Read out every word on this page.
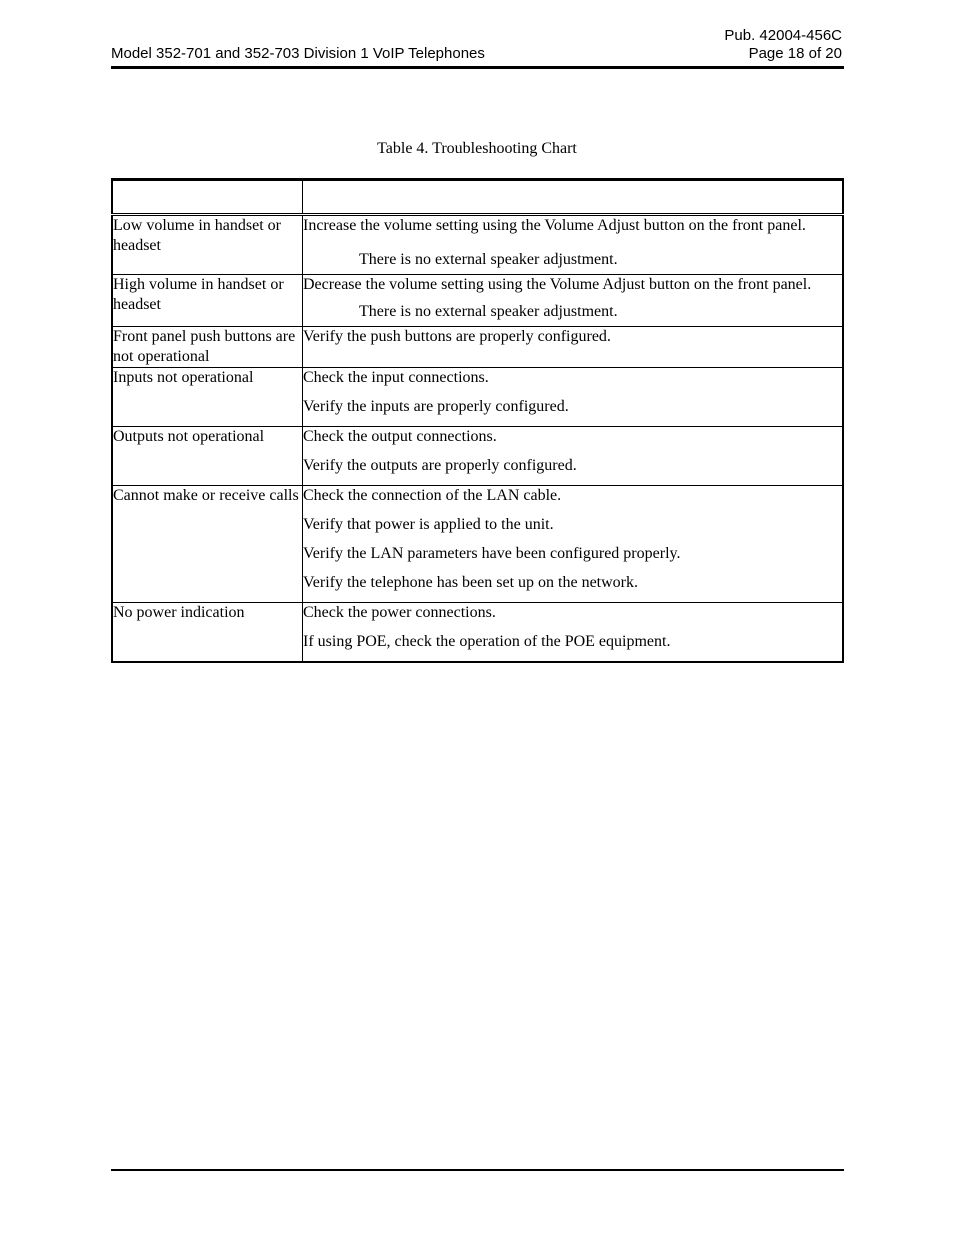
Pub. 42004-456C
Model 352-701 and 352-703 Division 1 VoIP Telephones	Page 18 of 20
Table 4. Troubleshooting Chart

Low volume in handset or headset	Increase the volume setting using the Volume Adjust button on the front panel.

There is no external speaker adjustment.

High volume in handset or headset	Decrease the volume setting using the Volume Adjust button on the front panel.

There is no external speaker adjustment.

Front panel push buttons are not operational	Verify the push buttons are properly configured.

Inputs not operational	Check the input connections.

Verify the inputs are properly configured.

Outputs not operational	Check the output connections.

Verify the outputs are properly configured.

Cannot make or receive calls	Check the connection of the LAN cable.

Verify that power is applied to the unit.

Verify the LAN parameters have been configured properly.

Verify the telephone has been set up on the network.

No power indication	Check the power connections.

If using POE, check the operation of the POE equipment.
